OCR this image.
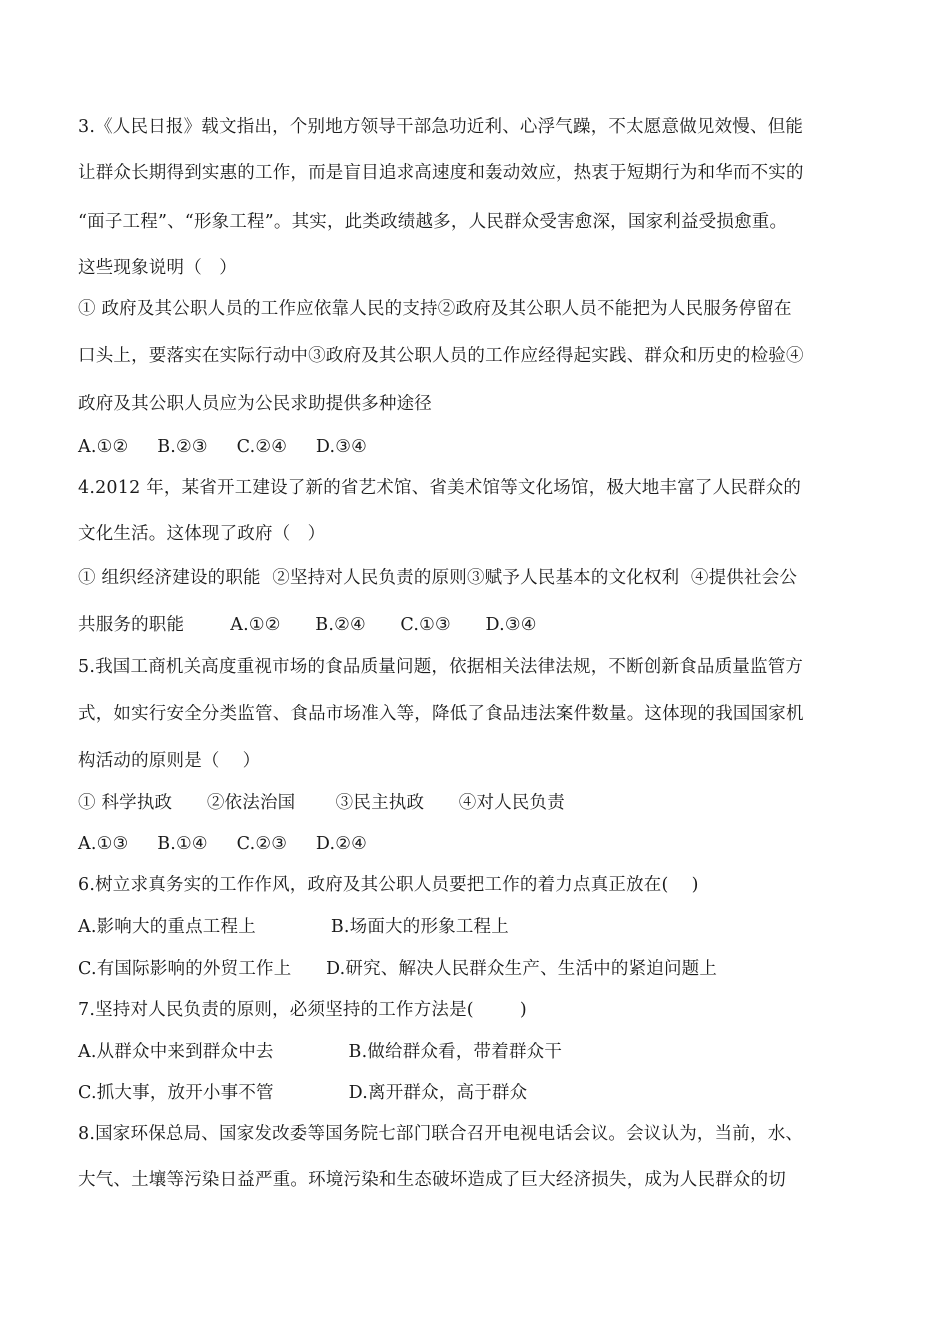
3.《人民日报》载文指出，个别地方领导干部急功近利、心浮气躁，不太愿意做见效慢、但能
让群众长期得到实惠的工作，而是盲目追求高速度和轰动效应，热衷于短期行为和华而不实的
“面子工程”、“形象工程”。其实，此类政绩越多，人民群众受害愈深，国家利益受损愈重。
这些现象说明（   ）
① 政府及其公职人员的工作应依靠人民的支持②政府及其公职人员不能把为人民服务停留在
口头上，要落实在实际行动中③政府及其公职人员的工作应经得起实践、群众和历史的检验④
政府及其公职人员应为公民求助提供多种途径
A.①②     B.②③     C.②④     D.③④
4.2012 年，某省开工建设了新的省艺术馆、省美术馆等文化场馆，极大地丰富了人民群众的
文化生活。这体现了政府（   ）
① 组织经济建设的职能  ②坚持对人民负责的原则③赋予人民基本的文化权利  ④提供社会公
共服务的职能        A.①②      B.②④      C.①③      D.③④
5.我国工商机关高度重视市场的食品质量问题，依据相关法律法规，不断创新食品质量监管方
式，如实行安全分类监管、食品市场准入等，降低了食品违法案件数量。这体现的我国国家机
构活动的原则是（    ）
① 科学执政      ②依法治国       ③民主执政      ④对人民负责
A.①③     B.①④     C.②③     D.②④
6.树立求真务实的工作作风，政府及其公职人员要把工作的着力点真正放在(    )
A.影响大的重点工程上             B.场面大的形象工程上
C.有国际影响的外贸工作上      D.研究、解决人民群众生产、生活中的紧迫问题上
7.坚持对人民负责的原则，必须坚持的工作方法是(        )
A.从群众中来到群众中去             B.做给群众看，带着群众干
C.抓大事，放开小事不管             D.离开群众，高于群众
8.国家环保总局、国家发改委等国务院七部门联合召开电视电话会议。会议认为，当前，水、
大气、土壤等污染日益严重。环境污染和生态破坏造成了巨大经济损失，成为人民群众的切
